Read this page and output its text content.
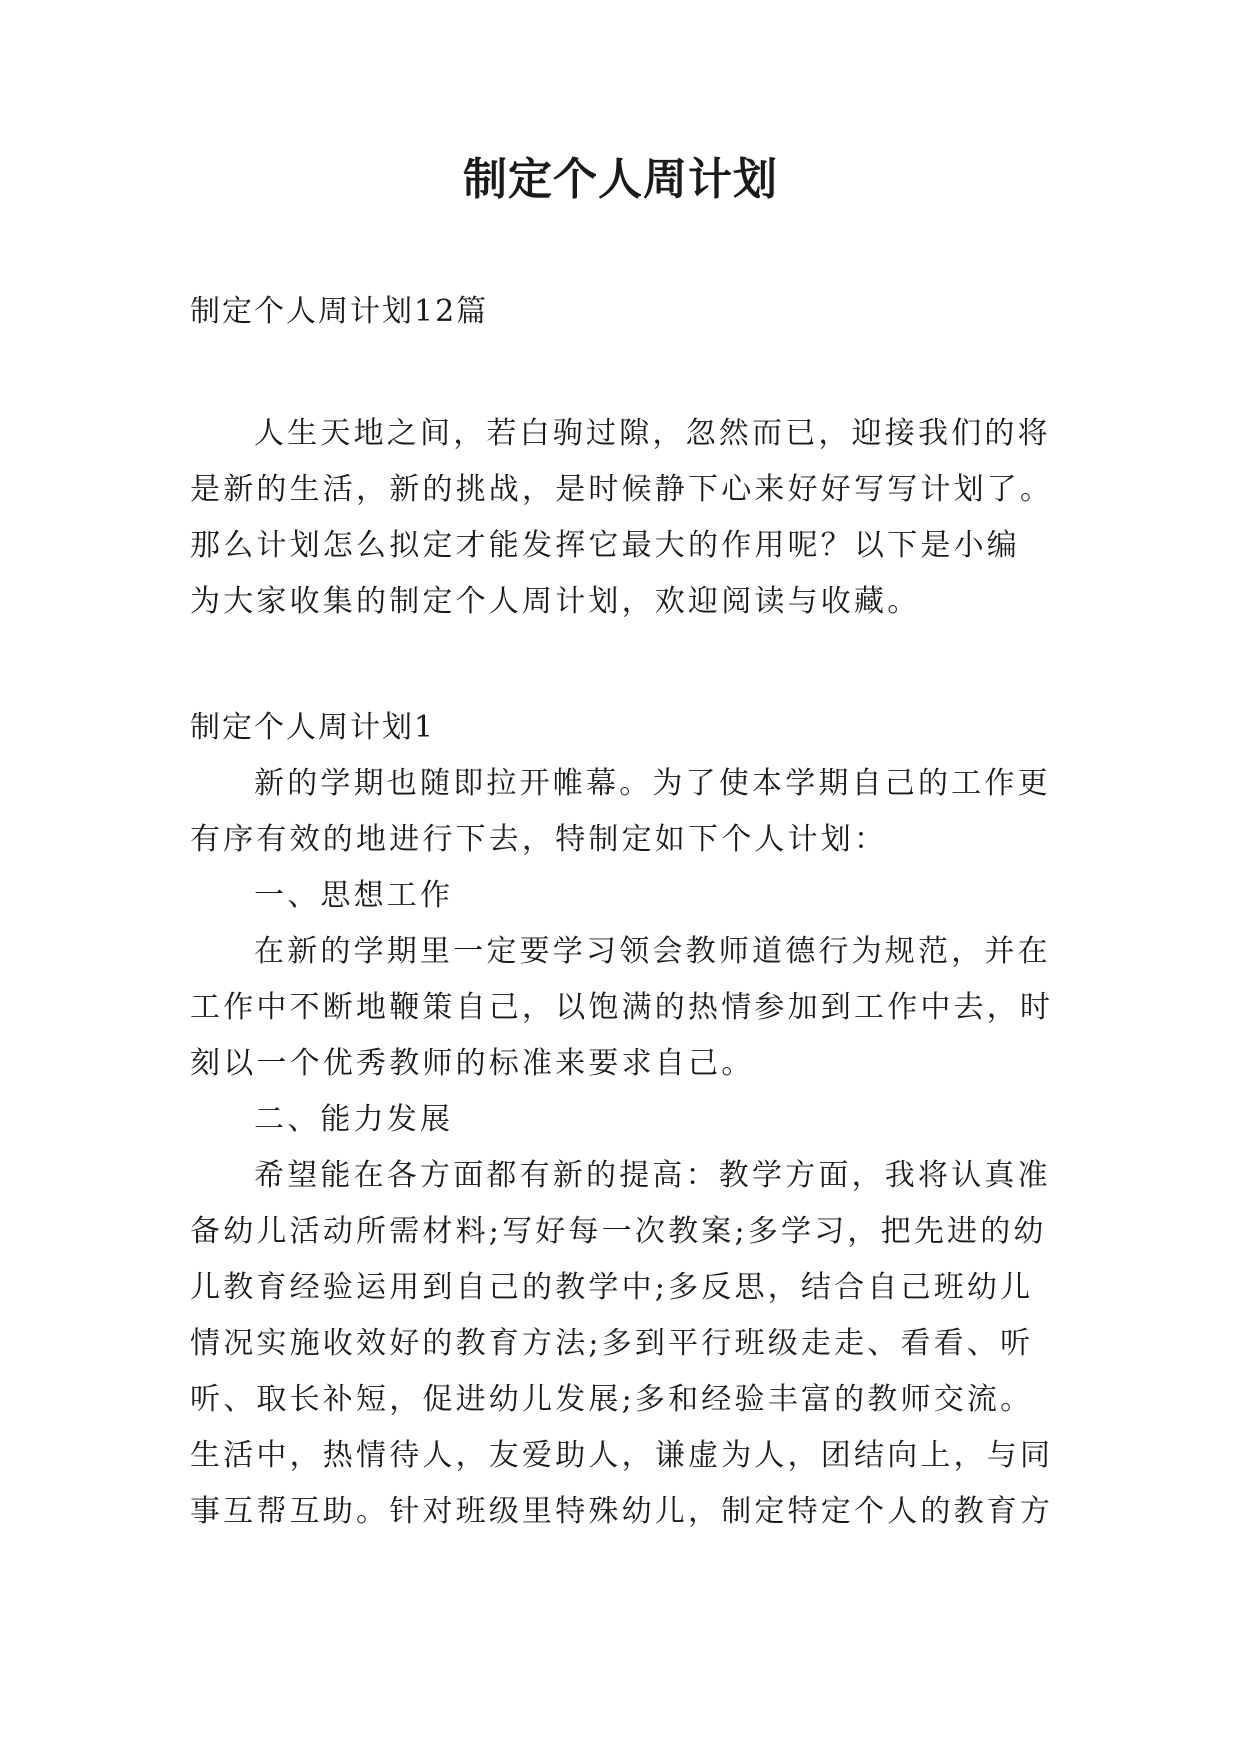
制定个人周计划
制定个人周计划12篇
人生天地之间，若白驹过隙，忽然而已，迎接我们的将
是新的生活，新的挑战，是时候静下心来好好写写计划了。
那么计划怎么拟定才能发挥它最大的作用呢？以下是小编
为大家收集的制定个人周计划，欢迎阅读与收藏。
制定个人周计划1
新的学期也随即拉开帷幕。为了使本学期自己的工作更
有序有效的地进行下去，特制定如下个人计划：
一、思想工作
在新的学期里一定要学习领会教师道德行为规范，并在
工作中不断地鞭策自己，以饱满的热情参加到工作中去，时
刻以一个优秀教师的标准来要求自己。
二、能力发展
希望能在各方面都有新的提高：教学方面，我将认真准
备幼儿活动所需材料;写好每一次教案;多学习，把先进的幼
儿教育经验运用到自己的教学中;多反思，结合自己班幼儿
情况实施收效好的教育方法;多到平行班级走走、看看、听
听、取长补短，促进幼儿发展;多和经验丰富的教师交流。
生活中，热情待人，友爱助人，谦虚为人，团结向上，与同
事互帮互助。针对班级里特殊幼儿，制定特定个人的教育方
